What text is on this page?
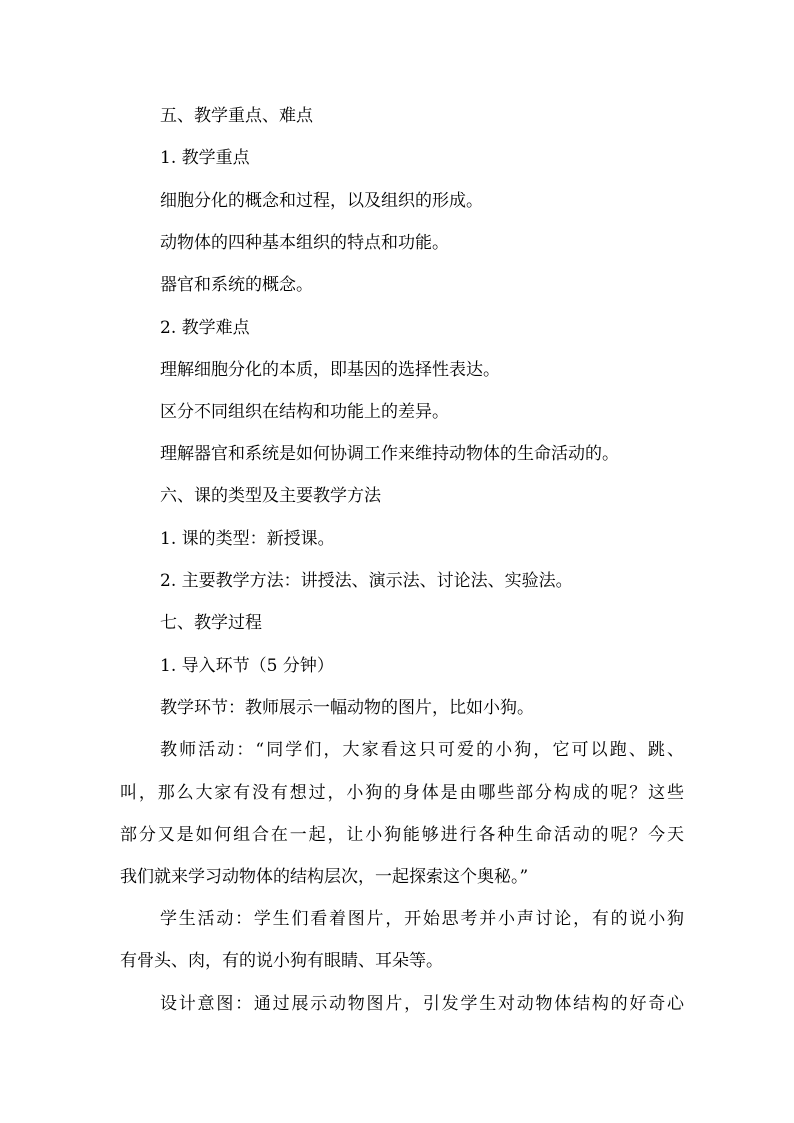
五、教学重点、难点
1. 教学重点
细胞分化的概念和过程，以及组织的形成。
动物体的四种基本组织的特点和功能。
器官和系统的概念。
2. 教学难点
理解细胞分化的本质，即基因的选择性表达。
区分不同组织在结构和功能上的差异。
理解器官和系统是如何协调工作来维持动物体的生命活动的。
六、课的类型及主要教学方法
1. 课的类型：新授课。
2. 主要教学方法：讲授法、演示法、讨论法、实验法。
七、教学过程
1. 导入环节（5 分钟）
教学环节：教师展示一幅动物的图片，比如小狗。
教师活动：“同学们，大家看这只可爱的小狗，它可以跑、跳、
叫，那么大家有没有想过，小狗的身体是由哪些部分构成的呢？这些
部分又是如何组合在一起，让小狗能够进行各种生命活动的呢？今天
我们就来学习动物体的结构层次，一起探索这个奥秘。”
学生活动：学生们看着图片，开始思考并小声讨论，有的说小狗
有骨头、肉，有的说小狗有眼睛、耳朵等。
设计意图：通过展示动物图片，引发学生对动物体结构的好奇心
